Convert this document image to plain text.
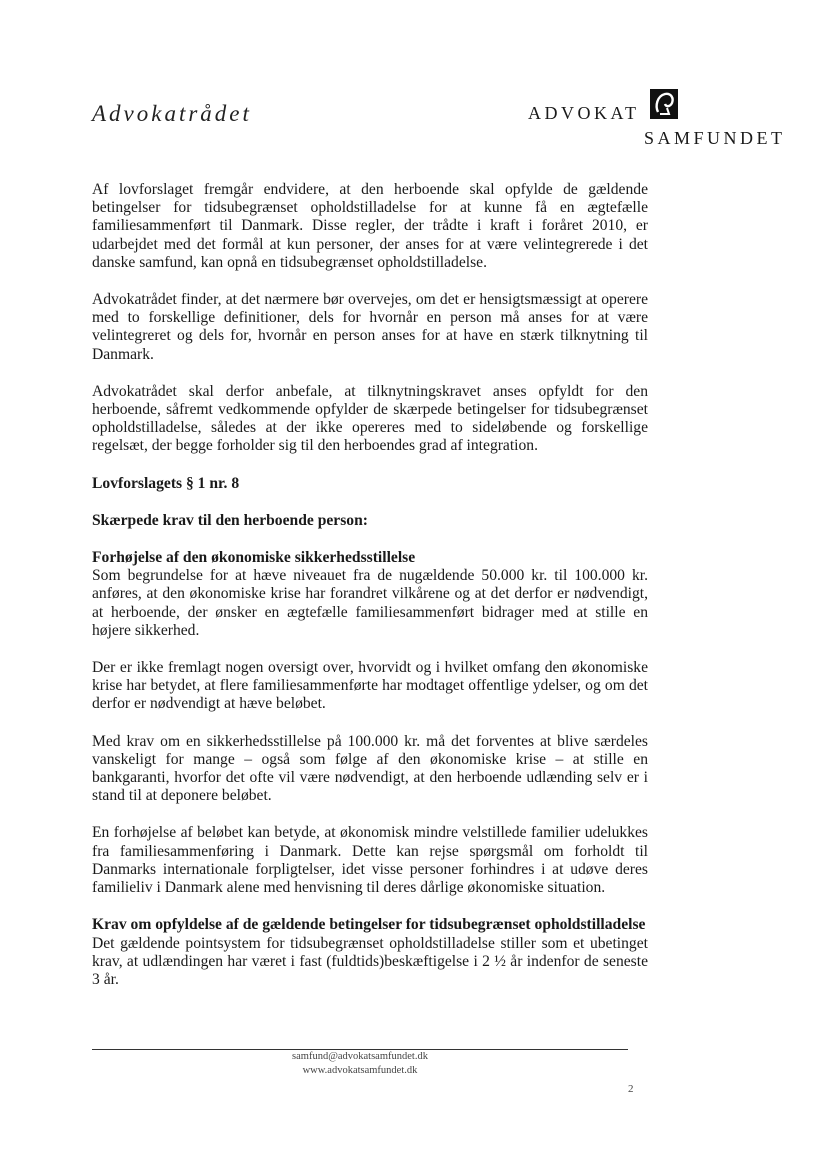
Advokatrådet	ADVOKAT
SAMFUNDET

Af lovforslaget fremgår endvidere, at den herboende skal opfylde de gældende betingelser for tidsubegrænset opholdstilladelse for at kunne få en ægtefælle familiesammenført til Danmark. Disse regler, der trådte i kraft i foråret 2010, er udarbejdet med det formål at kun personer, der anses for at være velintegrerede i det danske samfund, kan opnå en tidsubegrænset opholdstilladelse.

Advokatrådet finder, at det nærmere bør overvejes, om det er hensigtsmæssigt at operere med to forskellige definitioner, dels for hvornår en person må anses for at være velintegreret og dels for, hvornår en person anses for at have en stærk tilknytning til Danmark.

Advokatrådet skal derfor anbefale, at tilknytningskravet anses opfyldt for den herboende, såfremt vedkommende opfylder de skærpede betingelser for tidsubegrænset opholdstilladelse, således at der ikke opereres med to sideløbende og forskellige regelsæt, der begge forholder sig til den herboendes grad af integration.

Lovforslagets § 1 nr. 8

Skærpede krav til den herboende person:

Forhøjelse af den økonomiske sikkerhedsstillelse

Som begrundelse for at hæve niveauet fra de nugældende 50.000 kr. til 100.000 kr. anføres, at den økonomiske krise har forandret vilkårene og at det derfor er nødvendigt, at herboende, der ønsker en ægtefælle familiesammenført bidrager med at stille en højere sikkerhed.

Der er ikke fremlagt nogen oversigt over, hvorvidt og i hvilket omfang den økonomiske krise har betydet, at flere familiesammenførte har modtaget offentlige ydelser, og om det derfor er nødvendigt at hæve beløbet.

Med krav om en sikkerhedsstillelse på 100.000 kr. må det forventes at blive særdeles vanskeligt for mange – også som følge af den økonomiske krise – at stille en bankgaranti, hvorfor det ofte vil være nødvendigt, at den herboende udlænding selv er i stand til at deponere beløbet.

En forhøjelse af beløbet kan betyde, at økonomisk mindre velstillede familier udelukkes fra familiesammenføring i Danmark. Dette kan rejse spørgsmål om forholdt til Danmarks internationale forpligtelser, idet visse personer forhindres i at udøve deres familieliv i Danmark alene med henvisning til deres dårlige økonomiske situation.

Krav om opfyldelse af de gældende betingelser for tidsubegrænset opholdstilladelse

Det gældende pointsystem for tidsubegrænset opholdstilladelse stiller som et ubetinget krav, at udlændingen har været i fast (fuldtids)beskæftigelse i 2 ½ år indenfor de seneste 3 år.

samfund@advokatsamfundet.dk
www.advokatsamfundet.dk
2
